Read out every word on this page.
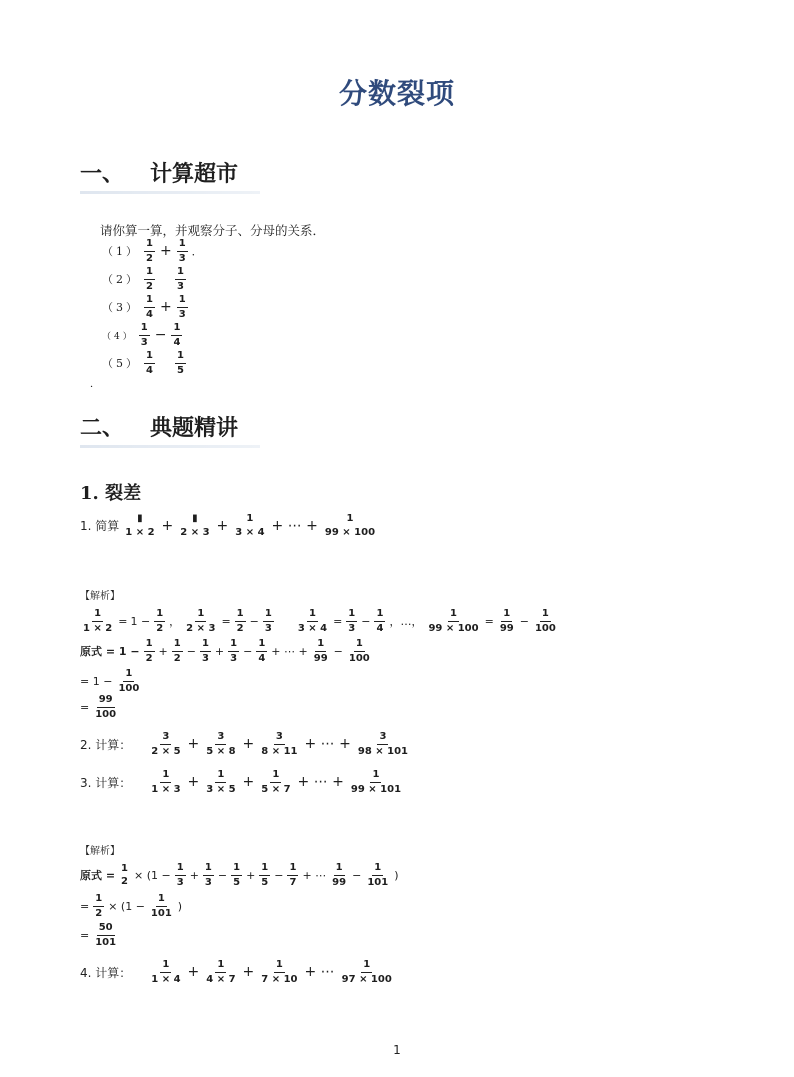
分数裂项
一、 计算超市
请你算一算，并观察分子、分母的关系．
$(1) \frac{1}{2} + \frac{1}{3}$ ．
$(2) \frac{1}{2} \frac{1}{3}$
$(3) \frac{1}{4} + \frac{1}{3}$
$(4) \frac{1}{3} - \frac{1}{4}$
$(5) \frac{1}{4} \frac{1}{5}$
．
二、 典题精讲
1. 裂差
1. 简算
▮
1 × 2 + ▮
2 × 3 + 1
3 × 4 + ⋯ +	1
99 × 100
【解析】
$\frac{1}{1 \times 2} = 1 - \frac{1}{2}$ ， $\frac{1}{2 \times 3} = \frac{1}{2} - \frac{1}{3} \frac{1}{3 \times 4} = \frac{1}{3} - \frac{1}{4}$ ，…， $\frac{1}{99 \times 100} = \frac{1}{99} - \frac{1}{100}$
原式 = $1 - \frac{1}{2} + \frac{1}{2} - \frac{1}{3} + \frac{1}{3} - \frac{1}{4}$ + ⋯ + $\frac{1}{99} - \frac{1}{100}$
= $1 - \frac{1}{100}$
= $\frac{99}{100}$
2. 计算：	$\frac{3}{2 \times 5} + \frac{3}{5 \times 8} + \frac{3}{8 \times 11}$ + ⋯ + $\frac{3}{98 \times 101}$
3. 计算：	$\frac{1}{1 \times 3} + \frac{1}{3 \times 5} + \frac{1}{5 \times 7}$ + ⋯ + $\frac{1}{99 \times 101}$
【解析】
原式 =
1
$2 \times (1 - \frac{1}{3} + \frac{1}{3} - \frac{1}{5} + \frac{1}{5} - \frac{1}{7}$ + ⋯ $\frac{1}{99} - \frac{1}{101}$ )
= $\frac{1}{2} \times (1 - \frac{1}{101}$ )
= $\frac{50}{101}$
4. 计算：	$\frac{1}{1 \times 4} + \frac{1}{4 \times 7} + \frac{1}{7 \times 10}$ + ⋯ $\frac{1}{97 \times 100}$
1
